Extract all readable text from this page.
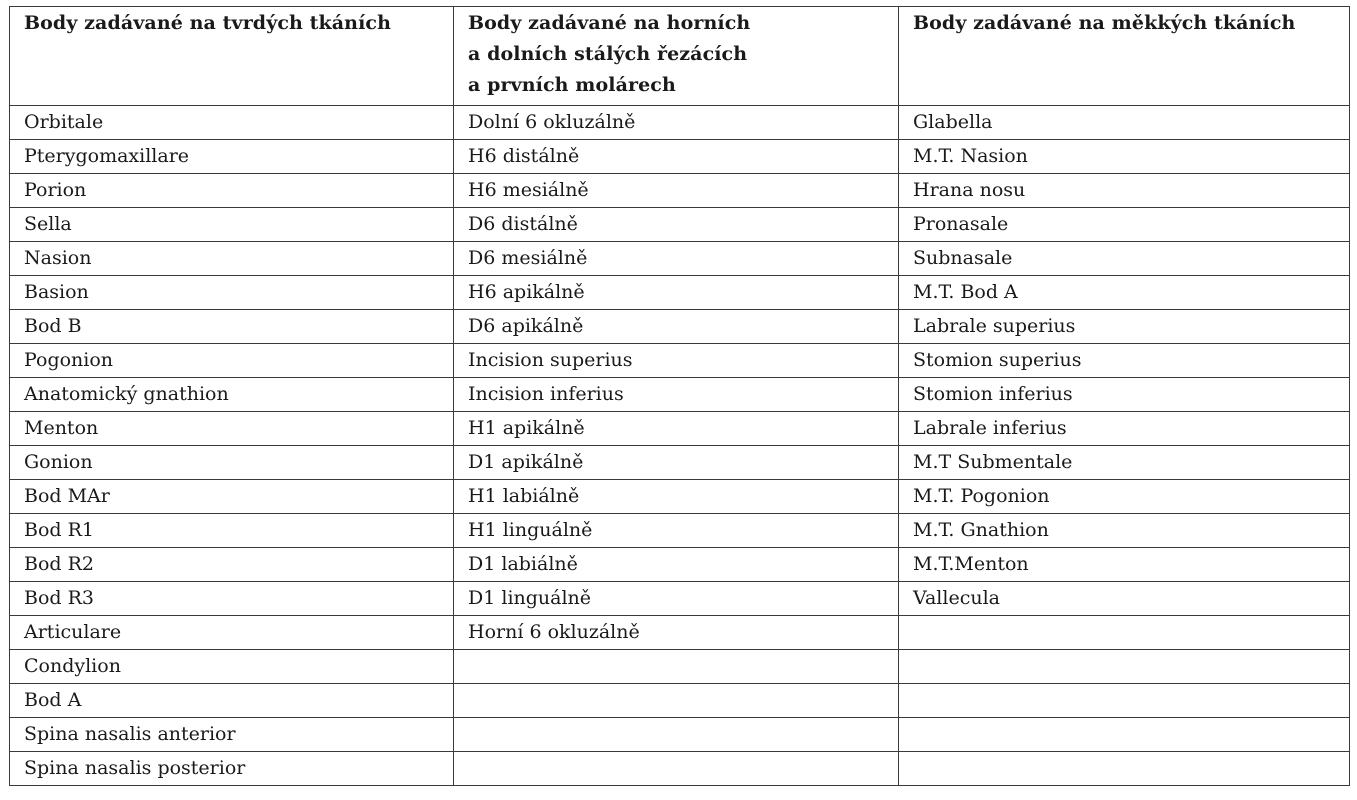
Body zadávané na tvrdých tkáních	Body zadávané na horních
a dolních stálých řezácích
a prvních molárech	Body zadávané na měkkých tkáních

Orbitale	Dolní 6 okluzálně	Glabella
Pterygomaxillare	H6 distálně	M.T. Nasion
Porion	H6 mesiálně	Hrana nosu
Sella	D6 distálně	Pronasale
Nasion	D6 mesiálně	Subnasale
Basion	H6 apikálně	M.T. Bod A
Bod B	D6 apikálně	Labrale superius
Pogonion	Incision superius	Stomion superius
Anatomický gnathion	Incision inferius	Stomion inferius
Menton	H1 apikálně	Labrale inferius
Gonion	D1 apikálně	M.T Submentale
Bod MAr	H1 labiálně	M.T. Pogonion
Bod R1	H1 linguálně	M.T. Gnathion
Bod R2	D1 labiálně	M.T.Menton
Bod R3	D1 linguálně	Vallecula
Articulare	Horní 6 okluzálně	
Condylion		
Bod A		
Spina nasalis anterior		
Spina nasalis posterior		
